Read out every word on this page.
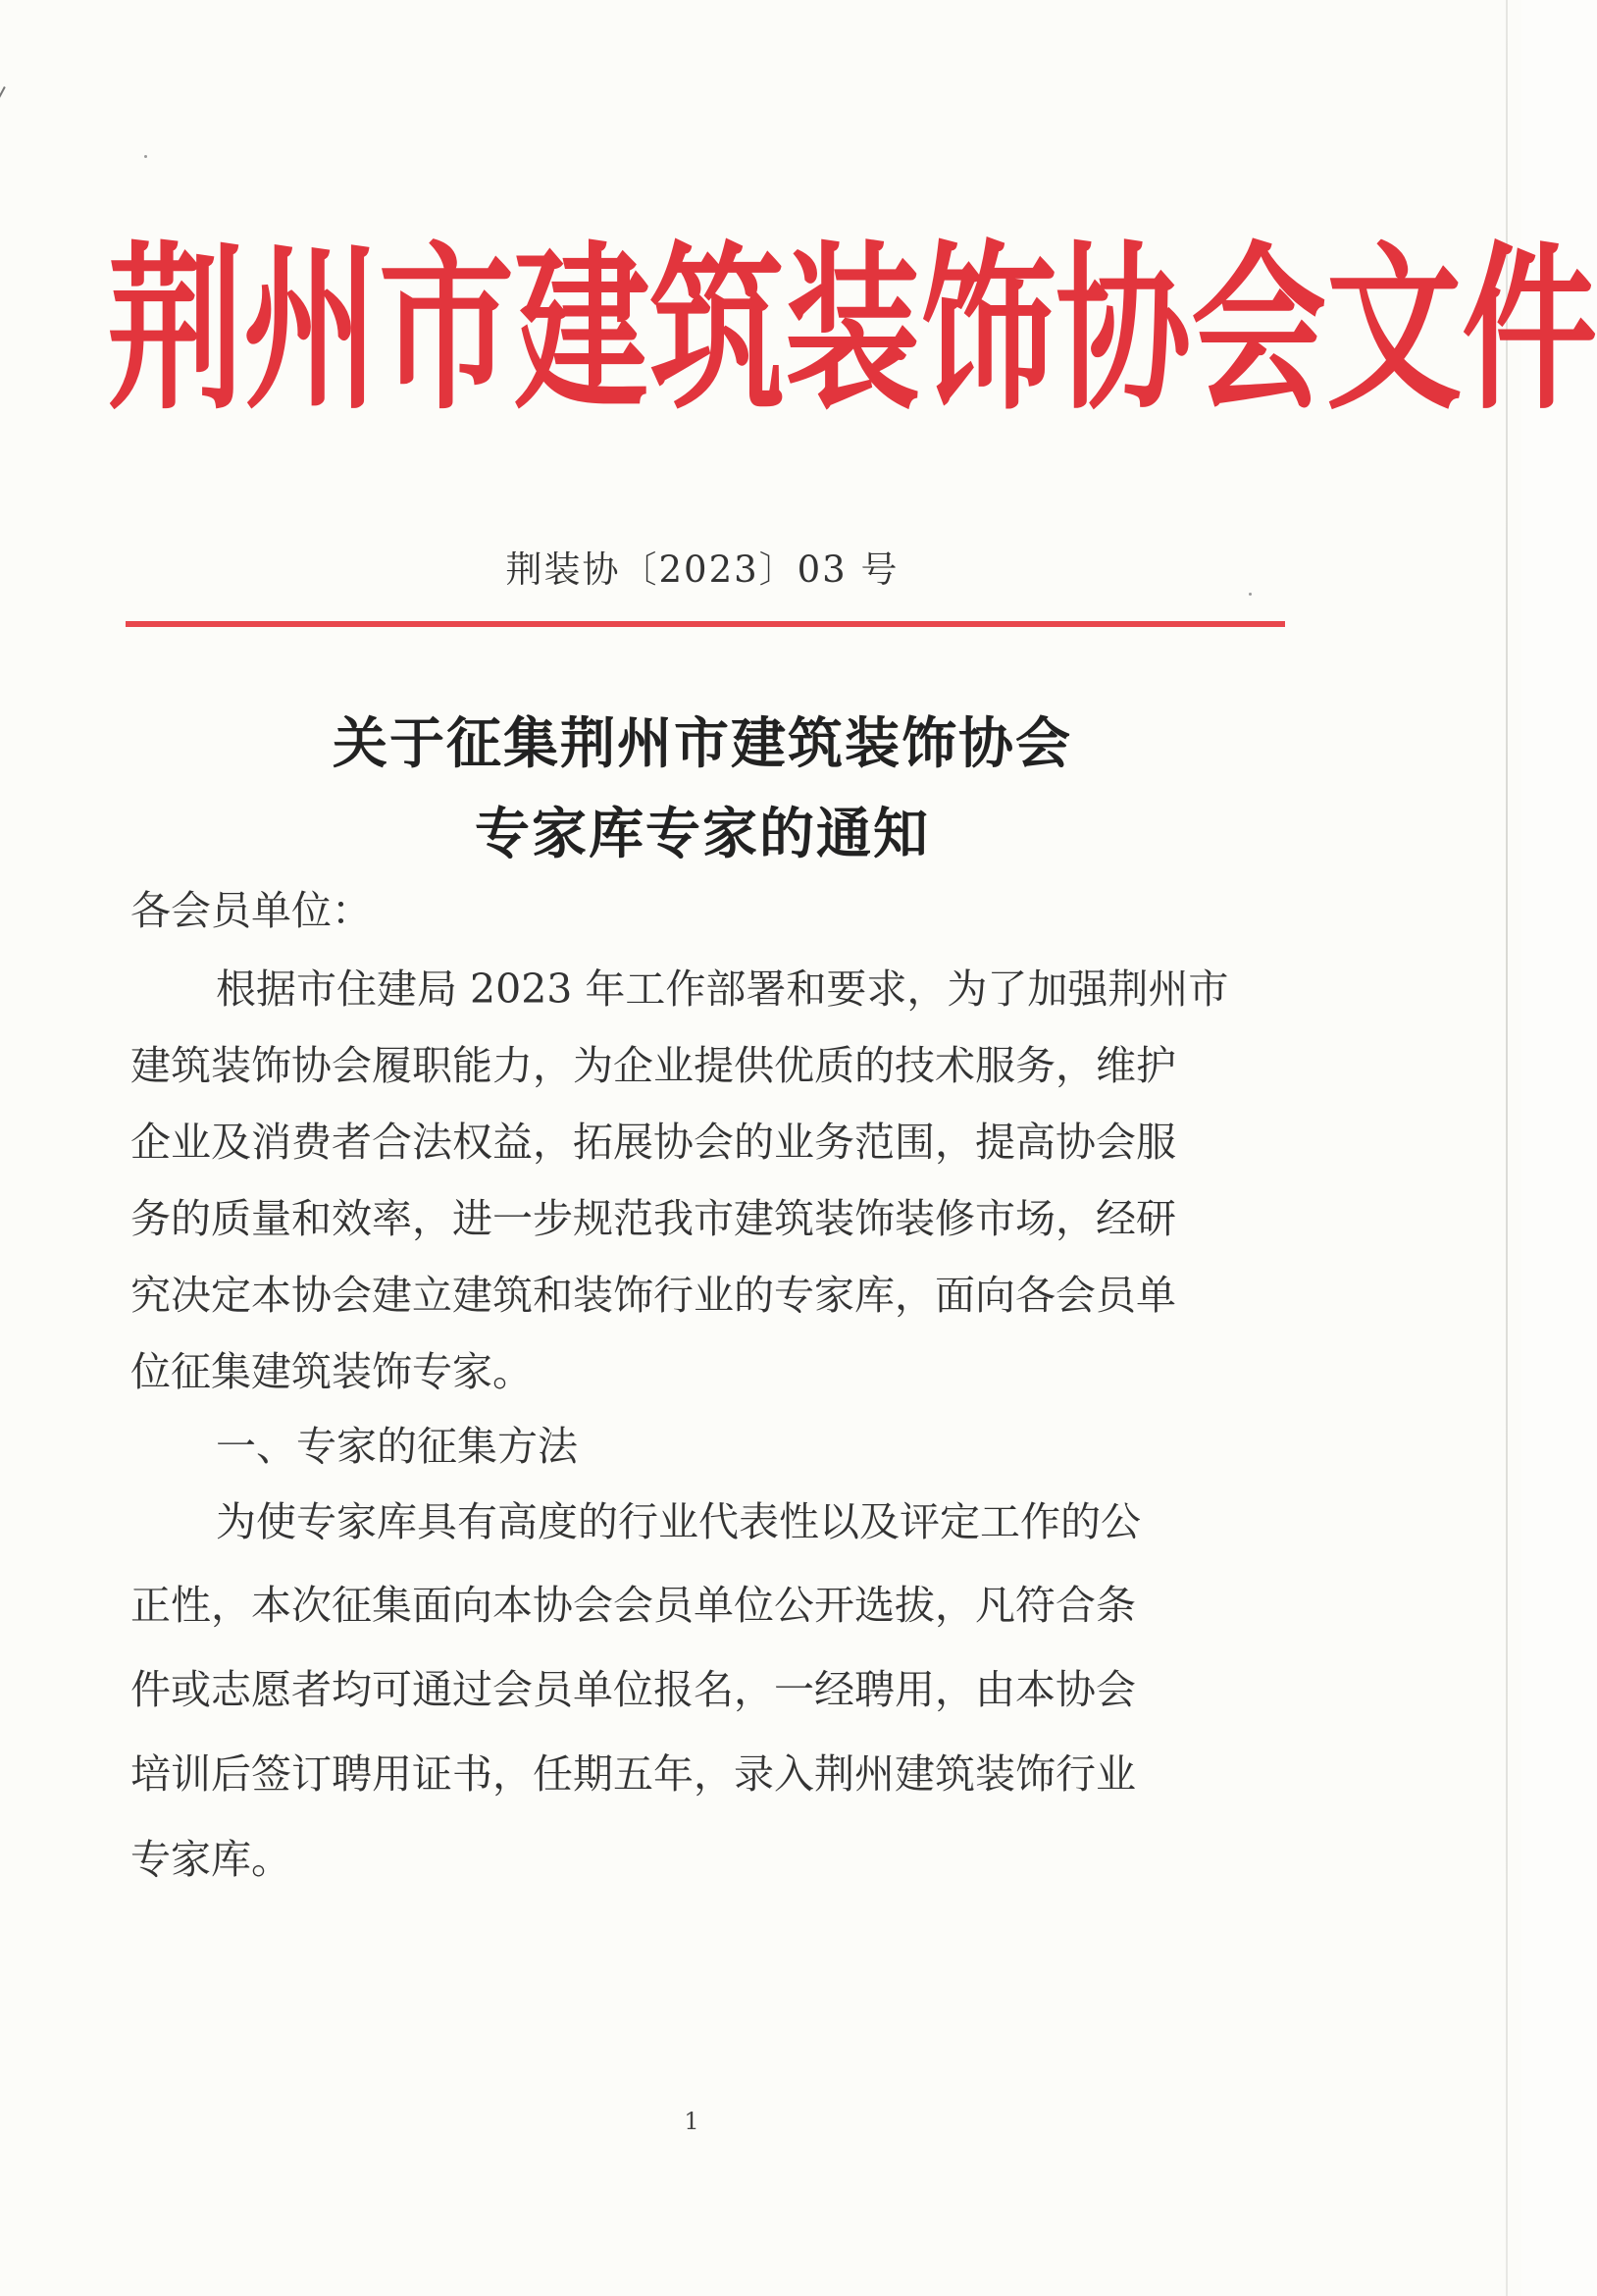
荆 州 市 建 筑 装 饰 协 会 文 件
荆装协〔2023〕03 号
关于征集荆州市建筑装饰协会
专家库专家的通知
各会员单位：
根据市住建局 2023 年工作部署和要求，为了加强荆州市
建筑装饰协会履职能力，为企业提供优质的技术服务，维护
企业及消费者合法权益，拓展协会的业务范围，提高协会服
务的质量和效率，进一步规范我市建筑装饰装修市场，经研
究决定本协会建立建筑和装饰行业的专家库，面向各会员单
位征集建筑装饰专家。
一、专家的征集方法
为使专家库具有高度的行业代表性以及评定工作的公
正性，本次征集面向本协会会员单位公开选拔，凡符合条
件或志愿者均可通过会员单位报名，一经聘用，由本协会
培训后签订聘用证书，任期五年，录入荆州建筑装饰行业
专家库。
1
